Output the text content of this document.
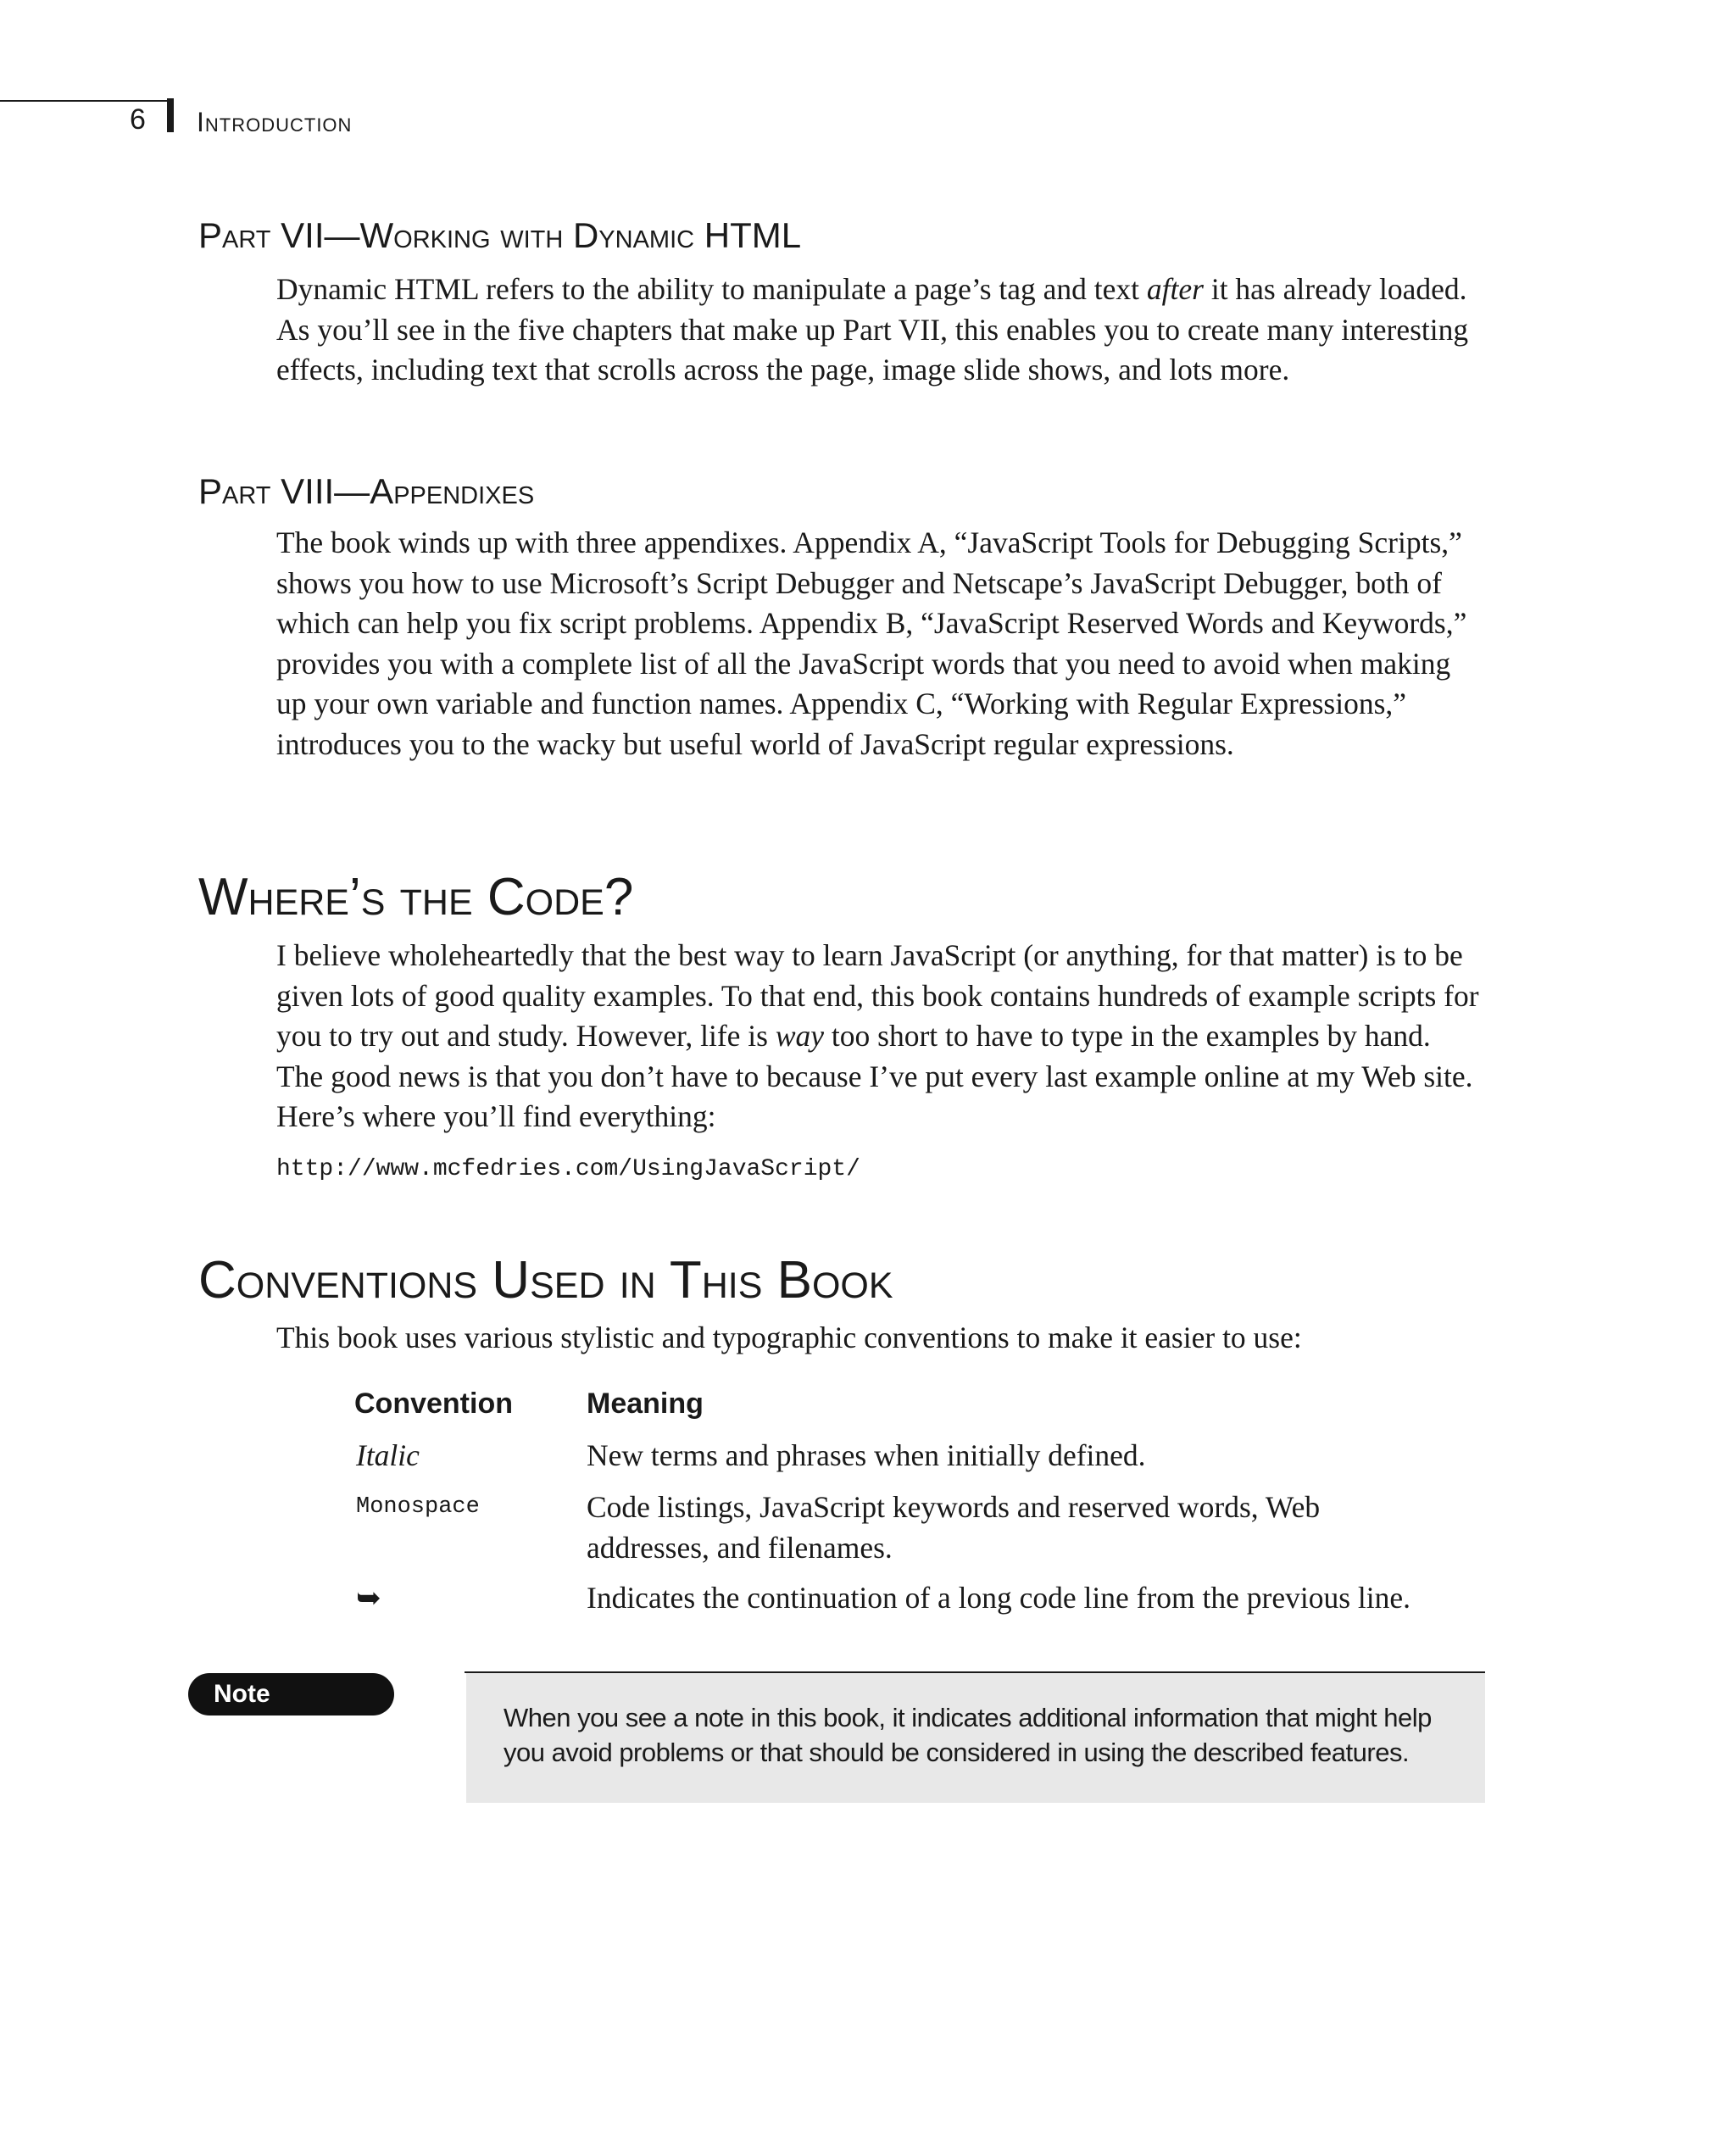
6 Introduction
Part VII—Working with Dynamic HTML

Dynamic HTML refers to the ability to manipulate a page’s tag and text after it has already loaded. As you’ll see in the five chapters that make up Part VII, this enables you to create many interesting effects, including text that scrolls across the page, image slide shows, and lots more.

Part VIII—Appendixes

The book winds up with three appendixes. Appendix A, “JavaScript Tools for Debugging Scripts,” shows you how to use Microsoft’s Script Debugger and Netscape’s JavaScript Debugger, both of which can help you fix script problems. Appendix B, “JavaScript Reserved Words and Keywords,” provides you with a complete list of all the JavaScript words that you need to avoid when making up your own variable and function names. Appendix C, “Working with Regular Expressions,” introduces you to the wacky but useful world of JavaScript regular expressions.

Where’s the Code?

I believe wholeheartedly that the best way to learn JavaScript (or anything, for that matter) is to be given lots of good quality examples. To that end, this book contains hundreds of example scripts for you to try out and study. However, life is way too short to have to type in the examples by hand. The good news is that you don’t have to because I’ve put every last example online at my Web site. Here’s where you’ll find everything:

http://www.mcfedries.com/UsingJavaScript/
Conventions Used in This Book

This book uses various stylistic and typographic conventions to make it easier to use:

Convention	Meaning
Italic	New terms and phrases when initially defined.
Monospace	Code listings, JavaScript keywords and reserved words, Web addresses, and filenames.
➥	Indicates the continuation of a long code line from the previous line.
Note
When you see a note in this book, it indicates additional information that might help you avoid problems or that should be considered in using the described features.
